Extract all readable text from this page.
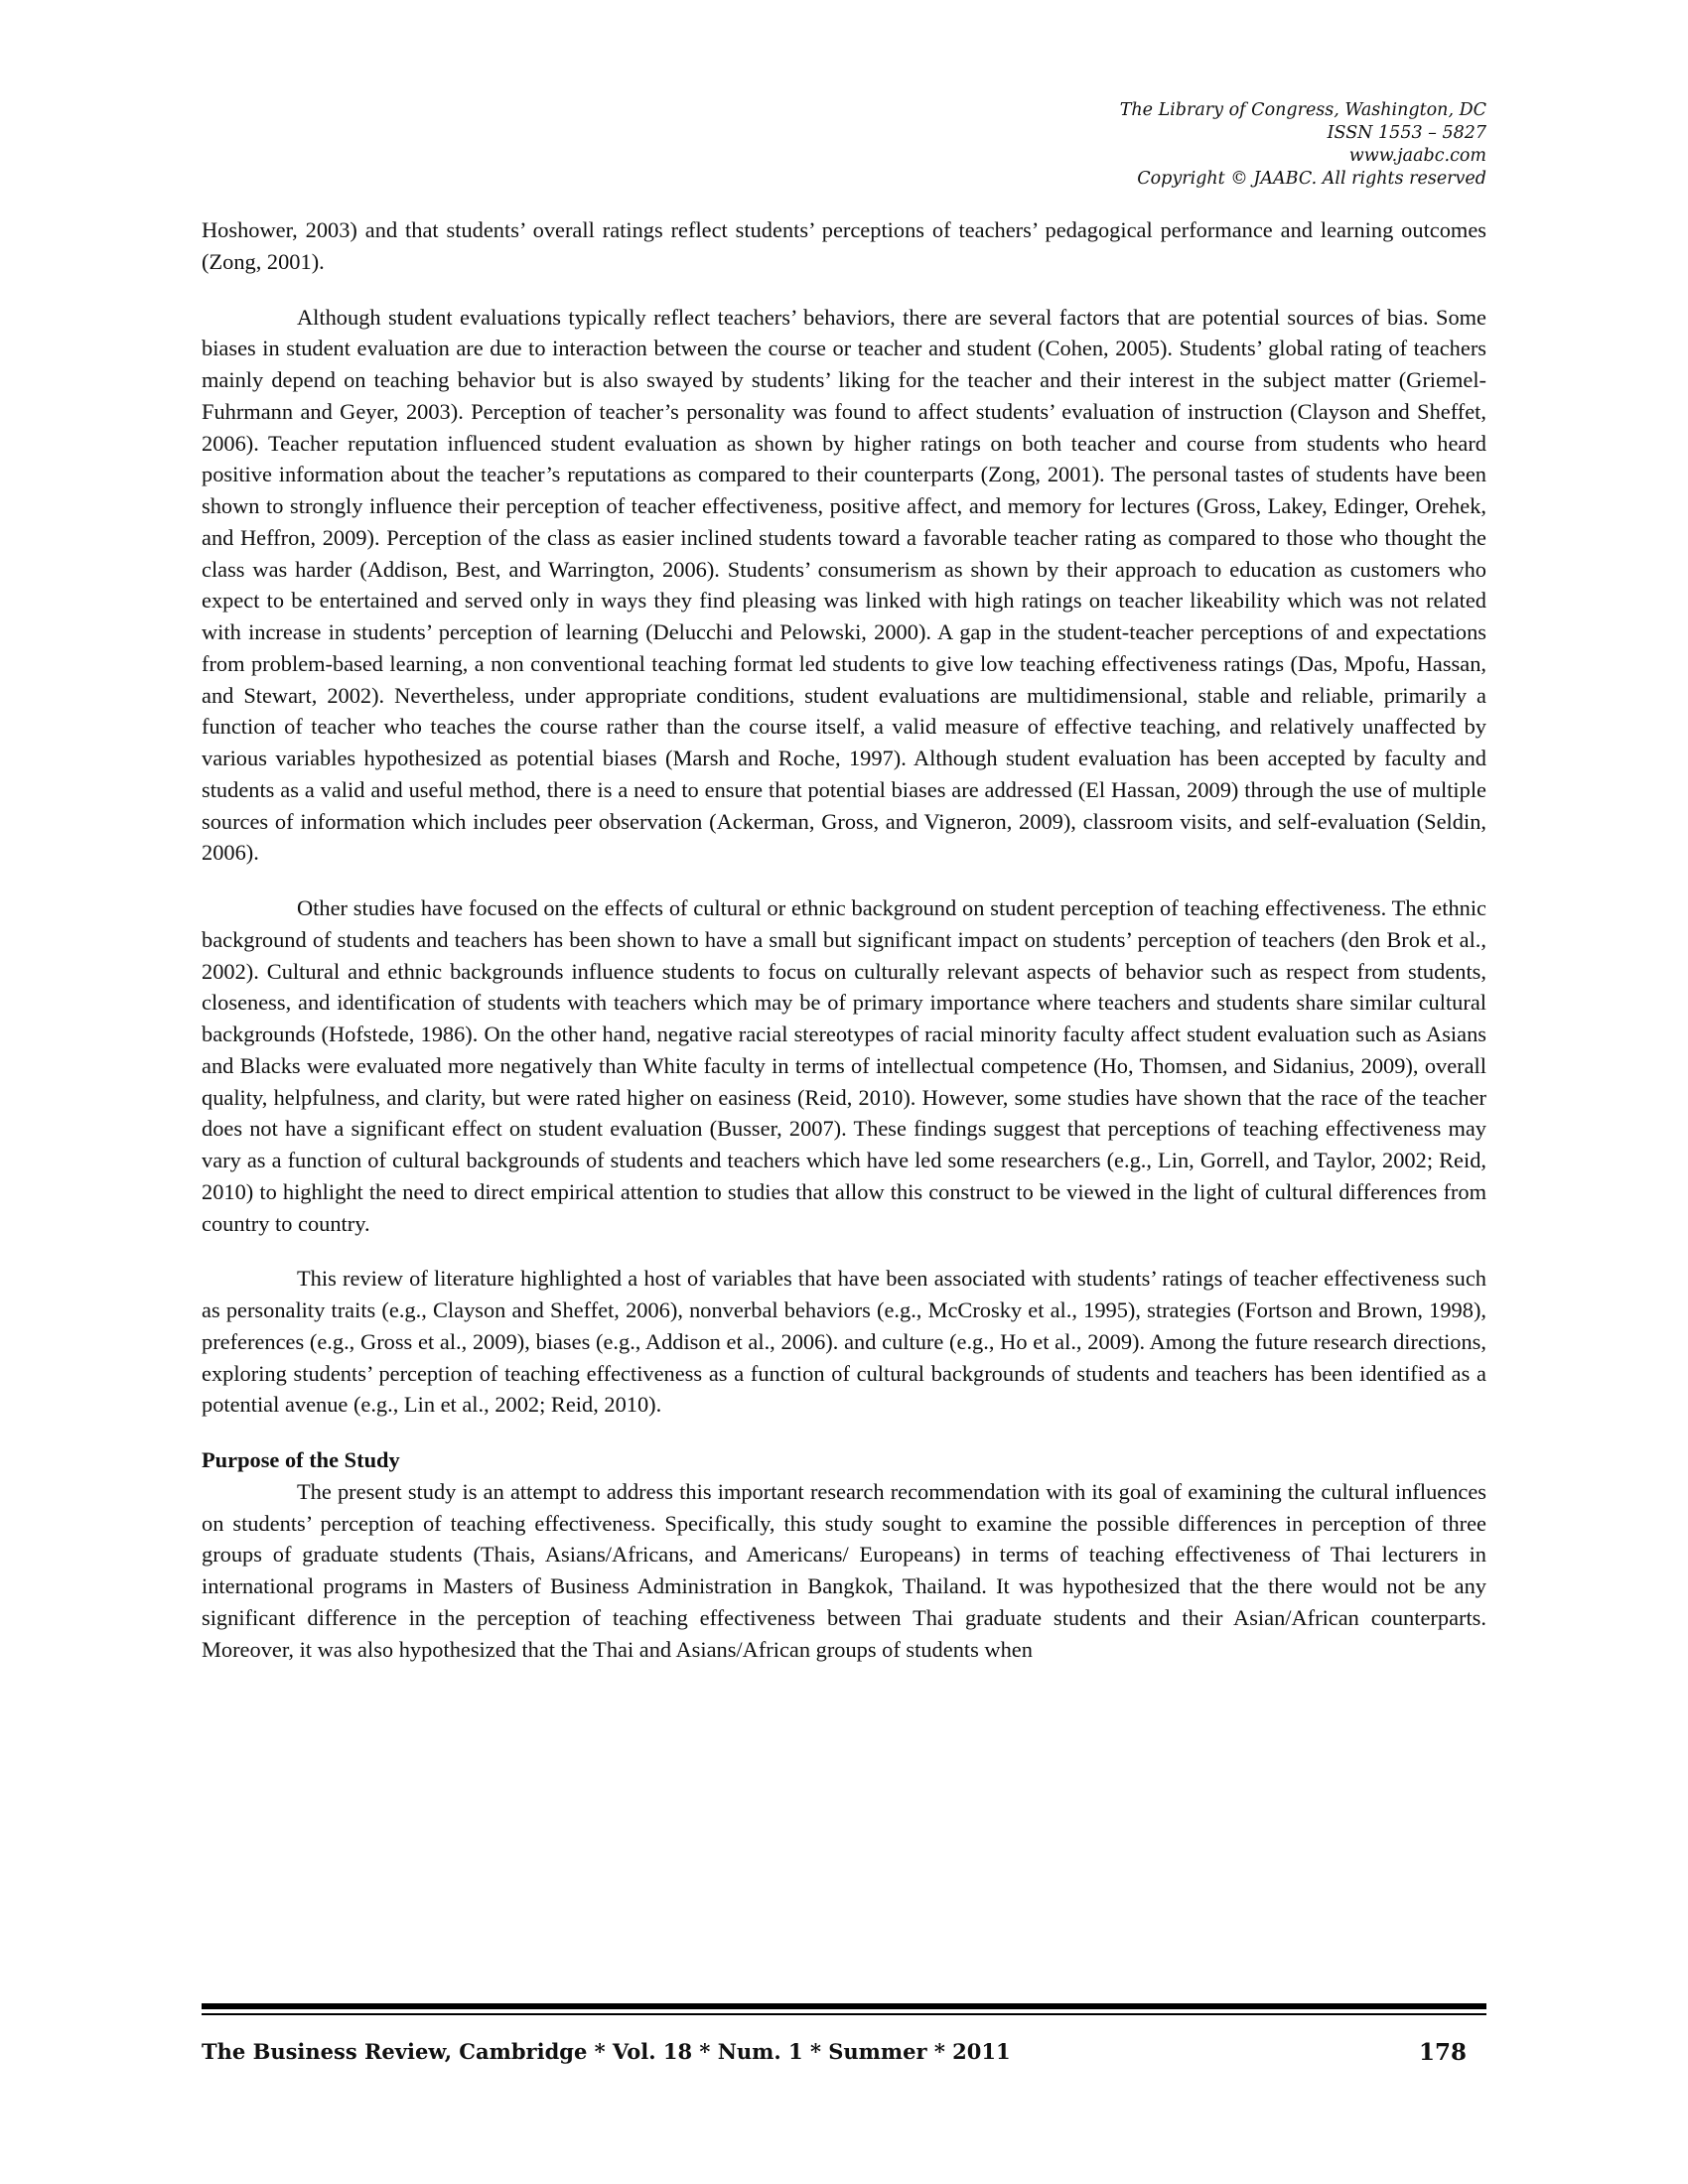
The Library of Congress, Washington, DC
ISSN 1553 – 5827
www.jaabc.com
Copyright © JAABC. All rights reserved

Hoshower, 2003) and that students’ overall ratings reflect students’ perceptions of teachers’ pedagogical performance and learning outcomes (Zong, 2001).

Although student evaluations typically reflect teachers’ behaviors, there are several factors that are potential sources of bias. Some biases in student evaluation are due to interaction between the course or teacher and student (Cohen, 2005). Students’ global rating of teachers mainly depend on teaching behavior but is also swayed by students’ liking for the teacher and their interest in the subject matter (Griemel-Fuhrmann and Geyer, 2003). Perception of teacher’s personality was found to affect students’ evaluation of instruction (Clayson and Sheffet, 2006). Teacher reputation influenced student evaluation as shown by higher ratings on both teacher and course from students who heard positive information about the teacher’s reputations as compared to their counterparts (Zong, 2001). The personal tastes of students have been shown to strongly influence their perception of teacher effectiveness, positive affect, and memory for lectures (Gross, Lakey, Edinger, Orehek, and Heffron, 2009). Perception of the class as easier inclined students toward a favorable teacher rating as compared to those who thought the class was harder (Addison, Best, and Warrington, 2006). Students’ consumerism as shown by their approach to education as customers who expect to be entertained and served only in ways they find pleasing was linked with high ratings on teacher likeability which was not related with increase in students’ perception of learning (Delucchi and Pelowski, 2000). A gap in the student-teacher perceptions of and expectations from problem-based learning, a non conventional teaching format led students to give low teaching effectiveness ratings (Das, Mpofu, Hassan, and Stewart, 2002). Nevertheless, under appropriate conditions, student evaluations are multidimensional, stable and reliable, primarily a function of teacher who teaches the course rather than the course itself, a valid measure of effective teaching, and relatively unaffected by various variables hypothesized as potential biases (Marsh and Roche, 1997). Although student evaluation has been accepted by faculty and students as a valid and useful method, there is a need to ensure that potential biases are addressed (El Hassan, 2009) through the use of multiple sources of information which includes peer observation (Ackerman, Gross, and Vigneron, 2009), classroom visits, and self-evaluation (Seldin, 2006).

Other studies have focused on the effects of cultural or ethnic background on student perception of teaching effectiveness. The ethnic background of students and teachers has been shown to have a small but significant impact on students’ perception of teachers (den Brok et al., 2002). Cultural and ethnic backgrounds influence students to focus on culturally relevant aspects of behavior such as respect from students, closeness, and identification of students with teachers which may be of primary importance where teachers and students share similar cultural backgrounds (Hofstede, 1986). On the other hand, negative racial stereotypes of racial minority faculty affect student evaluation such as Asians and Blacks were evaluated more negatively than White faculty in terms of intellectual competence (Ho, Thomsen, and Sidanius, 2009), overall quality, helpfulness, and clarity, but were rated higher on easiness (Reid, 2010). However, some studies have shown that the race of the teacher does not have a significant effect on student evaluation (Busser, 2007). These findings suggest that perceptions of teaching effectiveness may vary as a function of cultural backgrounds of students and teachers which have led some researchers (e.g., Lin, Gorrell, and Taylor, 2002; Reid, 2010) to highlight the need to direct empirical attention to studies that allow this construct to be viewed in the light of cultural differences from country to country.

This review of literature highlighted a host of variables that have been associated with students’ ratings of teacher effectiveness such as personality traits (e.g., Clayson and Sheffet, 2006), nonverbal behaviors (e.g., McCrosky et al., 1995), strategies (Fortson and Brown, 1998), preferences (e.g., Gross et al., 2009), biases (e.g., Addison et al., 2006). and culture (e.g., Ho et al., 2009). Among the future research directions, exploring students’ perception of teaching effectiveness as a function of cultural backgrounds of students and teachers has been identified as a potential avenue (e.g., Lin et al., 2002; Reid, 2010).

Purpose of the Study

The present study is an attempt to address this important research recommendation with its goal of examining the cultural influences on students’ perception of teaching effectiveness. Specifically, this study sought to examine the possible differences in perception of three groups of graduate students (Thais, Asians/Africans, and Americans/ Europeans) in terms of teaching effectiveness of Thai lecturers in international programs in Masters of Business Administration in Bangkok, Thailand. It was hypothesized that the there would not be any significant difference in the perception of teaching effectiveness between Thai graduate students and their Asian/African counterparts. Moreover, it was also hypothesized that the Thai and Asians/African groups of students when

The Business Review, Cambridge * Vol. 18 * Num. 1 * Summer * 2011	178
